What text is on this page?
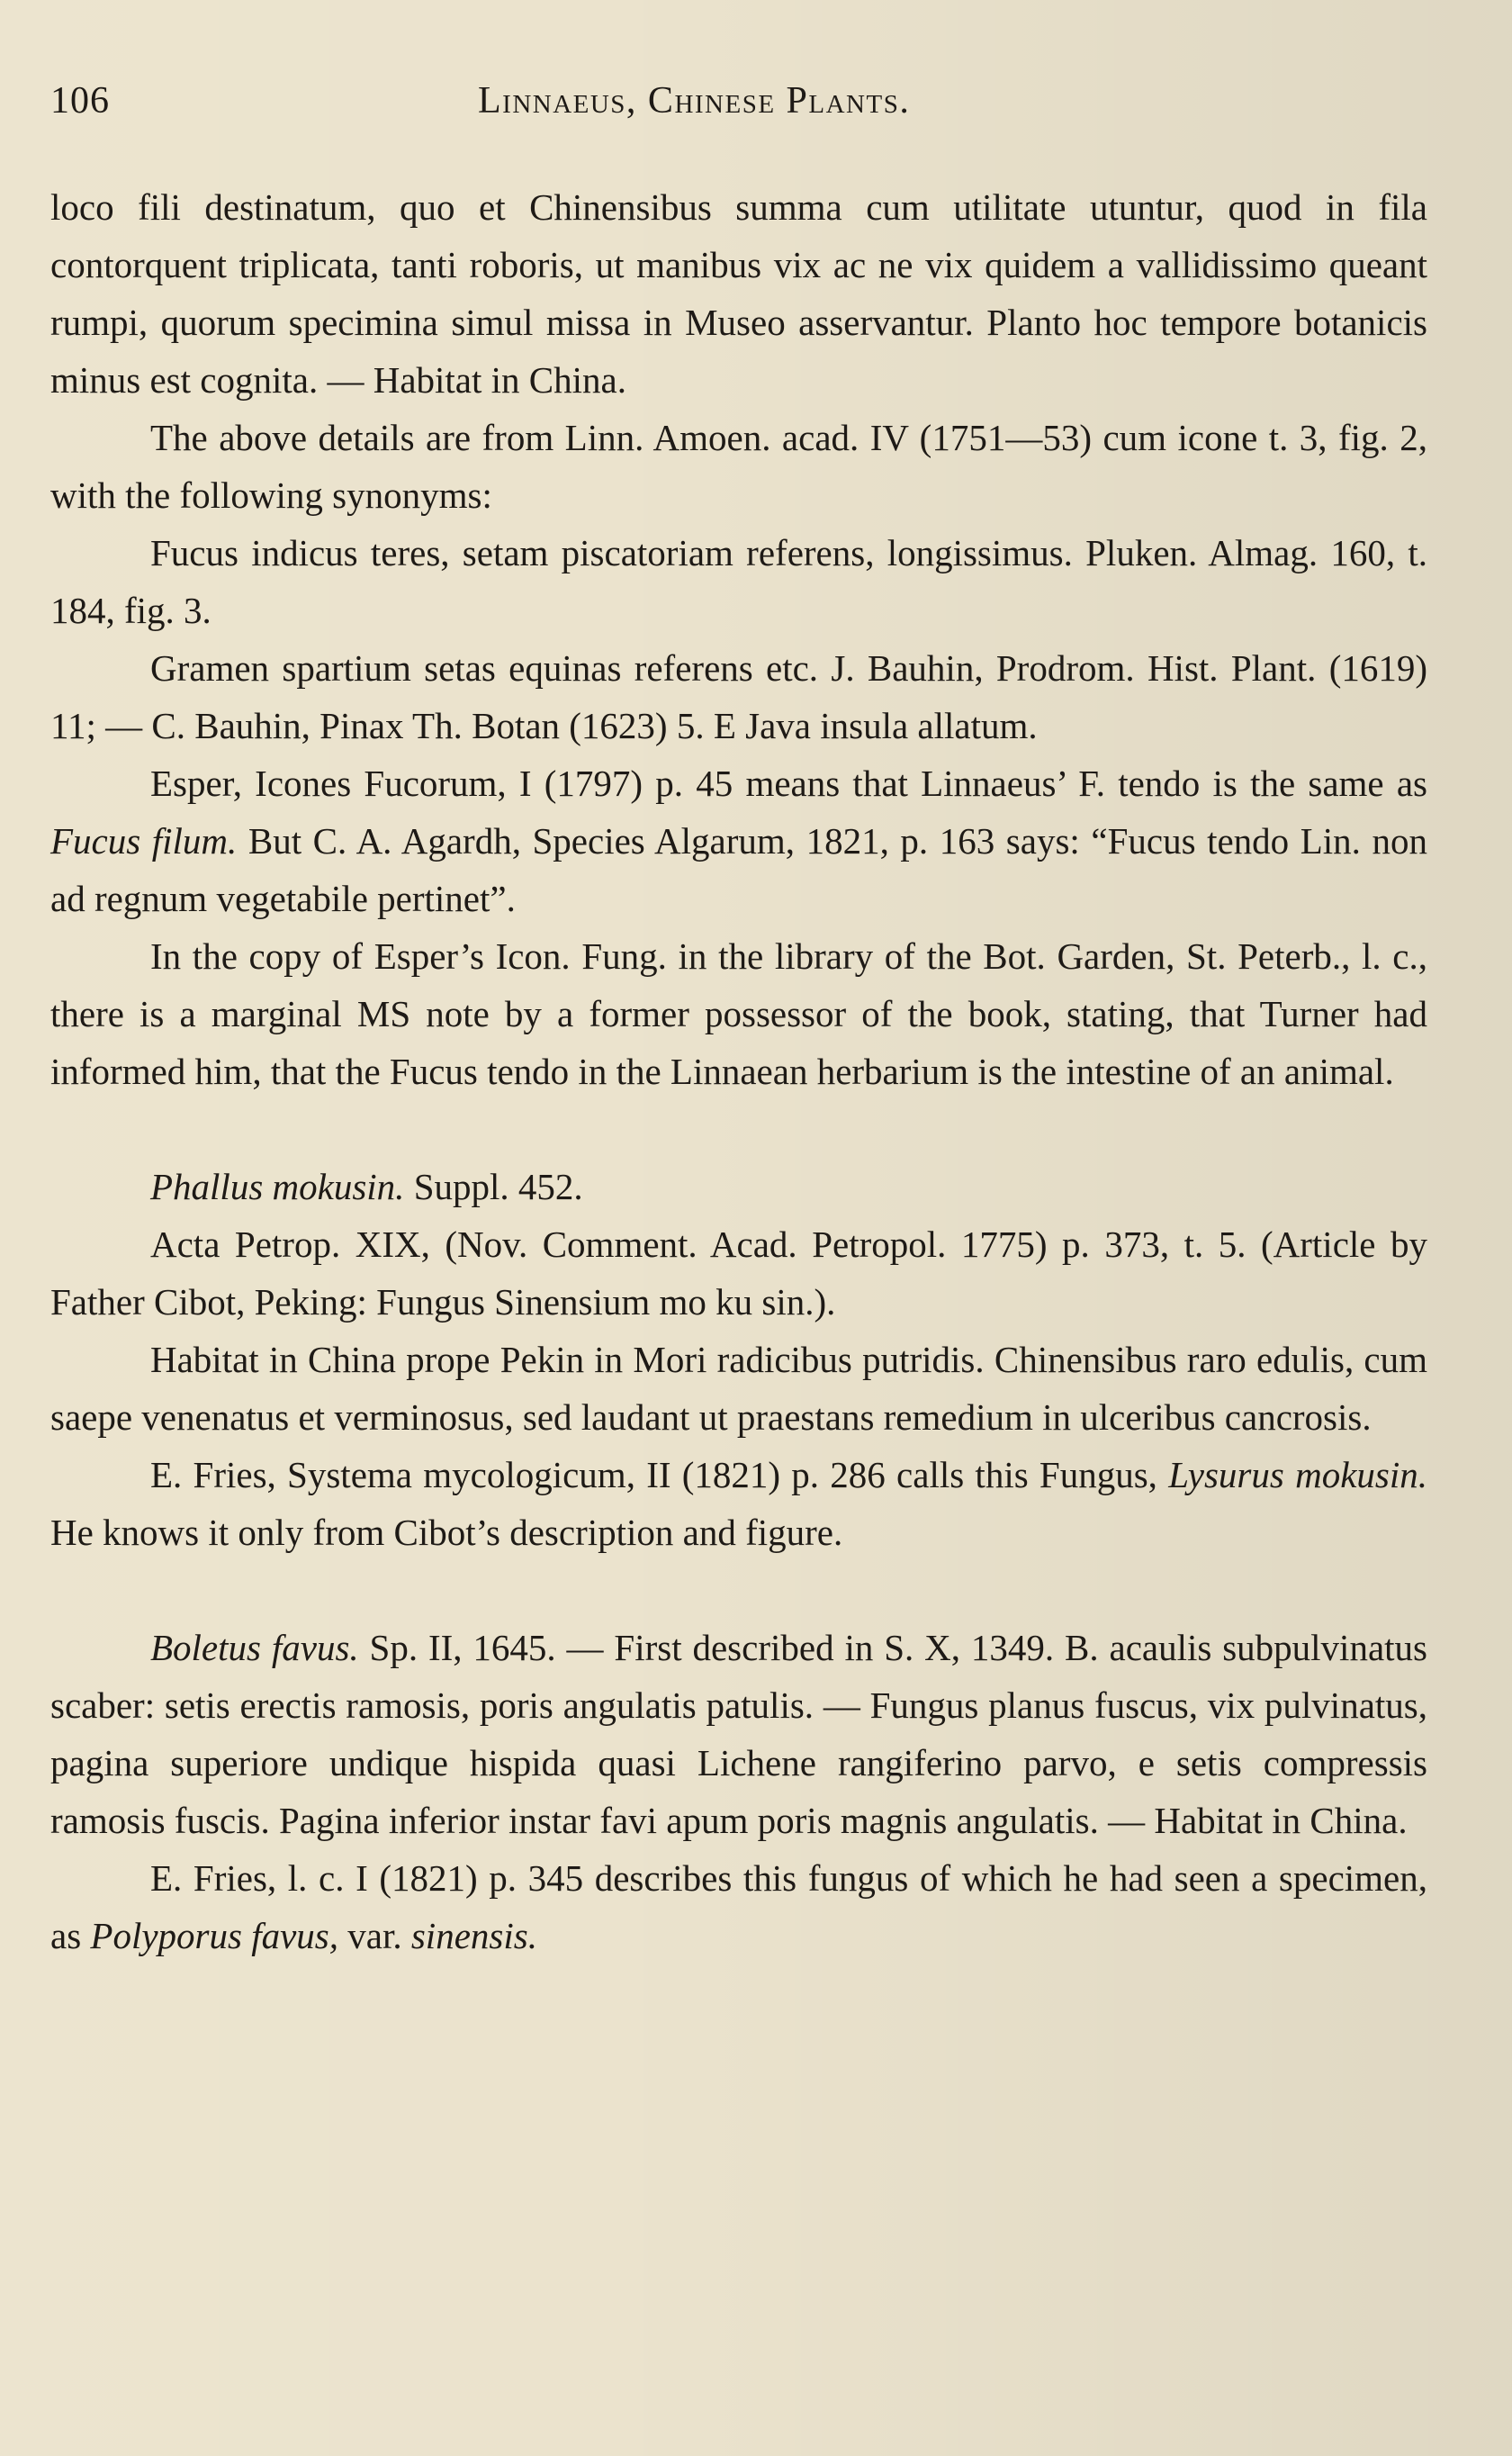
106	Linnaeus, Chinese Plants.

loco fili destinatum, quo et Chinensibus summa cum utilitate utuntur, quod in fila contorquent triplicata, tanti roboris, ut manibus vix ac ne vix quidem a vallidissimo queant rumpi, quorum specimina simul missa in Museo asservantur. Planto hoc tempore botanicis minus est cognita. — Habitat in China.

The above details are from Linn. Amoen. acad. IV (1751—53) cum icone t. 3, fig. 2, with the following synonyms:

Fucus indicus teres, setam piscatoriam referens, longissimus. Pluken. Almag. 160, t. 184, fig. 3.

Gramen spartium setas equinas referens etc. J. Bauhin, Prodrom. Hist. Plant. (1619) 11; — C. Bauhin, Pinax Th. Botan (1623) 5. E Java insula allatum.

Esper, Icones Fucorum, I (1797) p. 45 means that Linnaeus’ F. tendo is the same as Fucus filum. But C. A. Agardh, Species Algarum, 1821, p. 163 says: “Fucus tendo Lin. non ad regnum vegetabile pertinet”.

In the copy of Esper’s Icon. Fung. in the library of the Bot. Garden, St. Peterb., l. c., there is a marginal MS note by a former possessor of the book, stating, that Turner had informed him, that the Fucus tendo in the Linnaean herbarium is the intestine of an animal.

Phallus mokusin. Suppl. 452.

Acta Petrop. XIX, (Nov. Comment. Acad. Petropol. 1775) p. 373, t. 5. (Article by Father Cibot, Peking: Fungus Sinensium mo ku sin.).

Habitat in China prope Pekin in Mori radicibus putridis. Chinensibus raro edulis, cum saepe venenatus et verminosus, sed laudant ut praestans remedium in ulceribus cancrosis.

E. Fries, Systema mycologicum, II (1821) p. 286 calls this Fungus, Lysurus mokusin. He knows it only from Cibot’s description and figure.

Boletus favus. Sp. II, 1645. — First described in S. X, 1349. B. acaulis subpulvinatus scaber: setis erectis ramosis, poris angulatis patulis. — Fungus planus fuscus, vix pulvinatus, pagina superiore undique hispida quasi Lichene rangiferino parvo, e setis compressis ramosis fuscis. Pagina inferior instar favi apum poris magnis angulatis. — Habitat in China.

E. Fries, l. c. I (1821) p. 345 describes this fungus of which he had seen a specimen, as Polyporus favus, var. sinensis.
